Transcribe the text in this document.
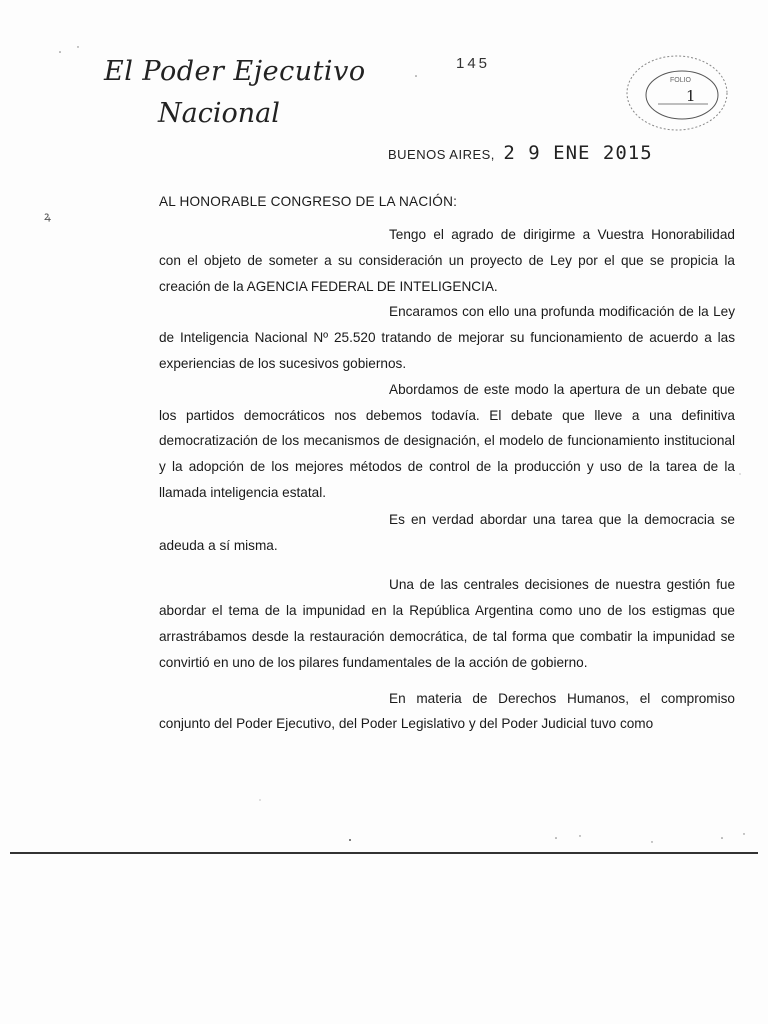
El Poder Ejecutivo
Nacional
145
FOLIO
1
BUENOS AIRES, 2 9 ENE 2015
ꝝ
AL HONORABLE CONGRESO DE LA NACIÓN:

Tengo el agrado de dirigirme a Vuestra Honorabilidad con el objeto de someter a su consideración un proyecto de Ley por el que se propicia la creación de la AGENCIA FEDERAL DE INTELIGENCIA.

Encaramos con ello una profunda modificación de la Ley de Inteligencia Nacional Nº 25.520 tratando de mejorar su funcionamiento de acuerdo a las experiencias de los sucesivos gobiernos.

Abordamos de este modo la apertura de un debate que los partidos democráticos nos debemos todavía. El debate que lleve a una definitiva democratización de los mecanismos de designación, el modelo de funcionamiento institucional y la adopción de los mejores métodos de control de la producción y uso de la tarea de la llamada inteligencia estatal.

Es en verdad abordar una tarea que la democracia se adeuda a sí misma.

Una de las centrales decisiones de nuestra gestión fue abordar el tema de la impunidad en la República Argentina como uno de los estigmas que arrastrábamos desde la restauración democrática, de tal forma que combatir la impunidad se convirtió en uno de los pilares fundamentales de la acción de gobierno.

En materia de Derechos Humanos, el compromiso conjunto del Poder Ejecutivo, del Poder Legislativo y del Poder Judicial tuvo como
